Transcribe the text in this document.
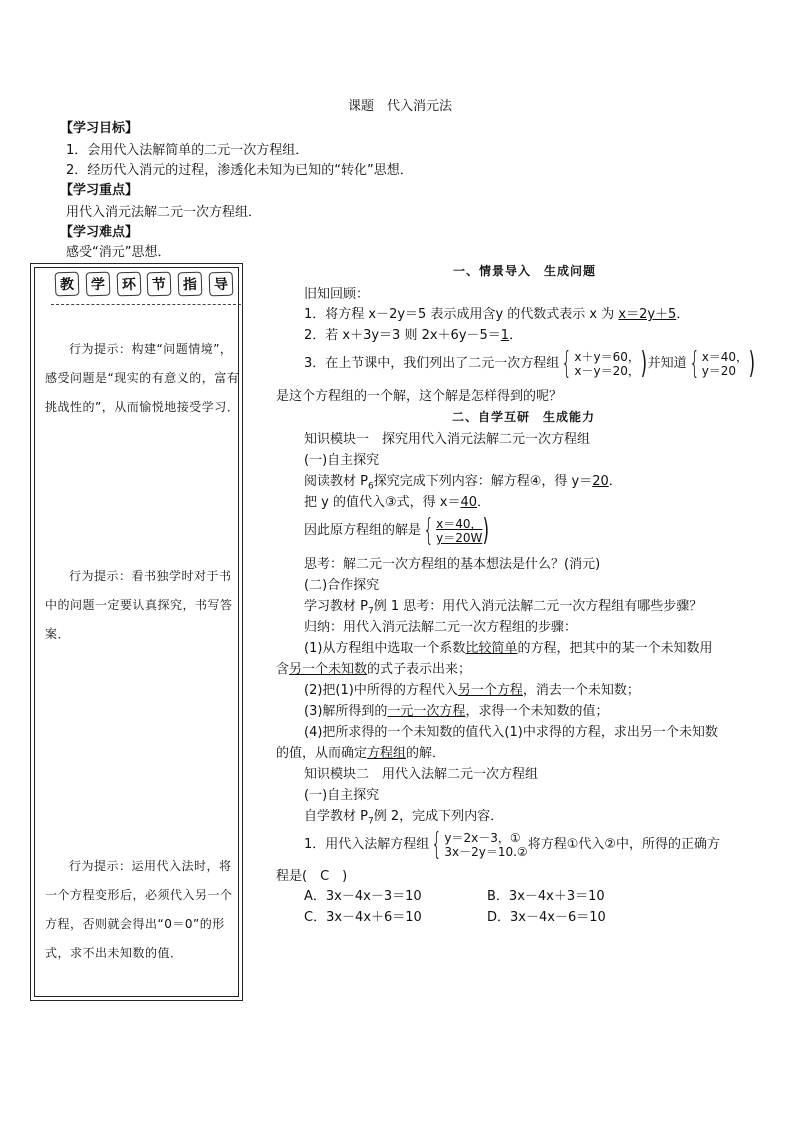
课题　代入消元法
【学习目标】
1．会用代入法解简单的二元一次方程组．
2．经历代入消元的过程，渗透化未知为已知的“转化”思想．
【学习重点】
用代入消元法解二元一次方程组．
【学习难点】
感受“消元”思想．
教	学	环	节	指	导
行为提示：构建“问题情境”，感受问题是“现实的有意义的，富有挑战性的”，从而愉悦地接受学习．
行为提示：看书独学时对于书中的问题一定要认真探究，书写答案．
行为提示：运用代入法时，将一个方程变形后，必须代入另一个方程，否则就会得出“0＝0”的形式，求不出未知数的值．
一、情景导入　生成问题
旧知回顾：
1．将方程 x－2y＝5 表示成用含y 的代数式表示 x 为 x＝2y＋5．
2．若 x＋3y＝3 则 2x＋6y－5＝1．
3．在上节课中，我们列出了二元一次方程组 { x＋y＝60，
x－y＝20， ) 并知道 { x＝40，
y＝20 )
是这个方程组的一个解，这个解是怎样得到的呢？
二、自学互研　生成能力
知识模块一　探究用代入消元法解二元一次方程组
(一)自主探究
阅读教材 $P_6$探究完成下列内容：解方程④，得 y＝20．
把 y 的值代入③式，得 x＝40．
因此原方程组的解是 { x＝40，
y＝20W )
思考：解二元一次方程组的基本想法是什么？(消元)
(二)合作探究
学习教材 $P_7$例 1 思考：用代入消元法解二元一次方程组有哪些步骤？
归纳：用代入消元法解二元一次方程组的步骤：
(1)从方程组中选取一个系数比较简单的方程，把其中的某一个未知数用
含另一个未知数的式子表示出来；
(2)把(1)中所得的方程代入另一个方程，消去一个未知数；
(3)解所得到的一元一次方程，求得一个未知数的值；
(4)把所求得的一个未知数的值代入(1)中求得的方程，求出另一个未知数
的值，从而确定方程组的解．
知识模块二　用代入法解二元一次方程组
(一)自主探究
自学教材 $P_7$例 2，完成下列内容．
1．用代入法解方程组 { y＝2x－3，①
3x－2y＝10.② 将方程①代入②中，所得的正确方
程是(　C　)
A．3x－4x－3＝10	B．3x－4x＋3＝10
C．3x－4x＋6＝10	D．3x－4x－6＝10
